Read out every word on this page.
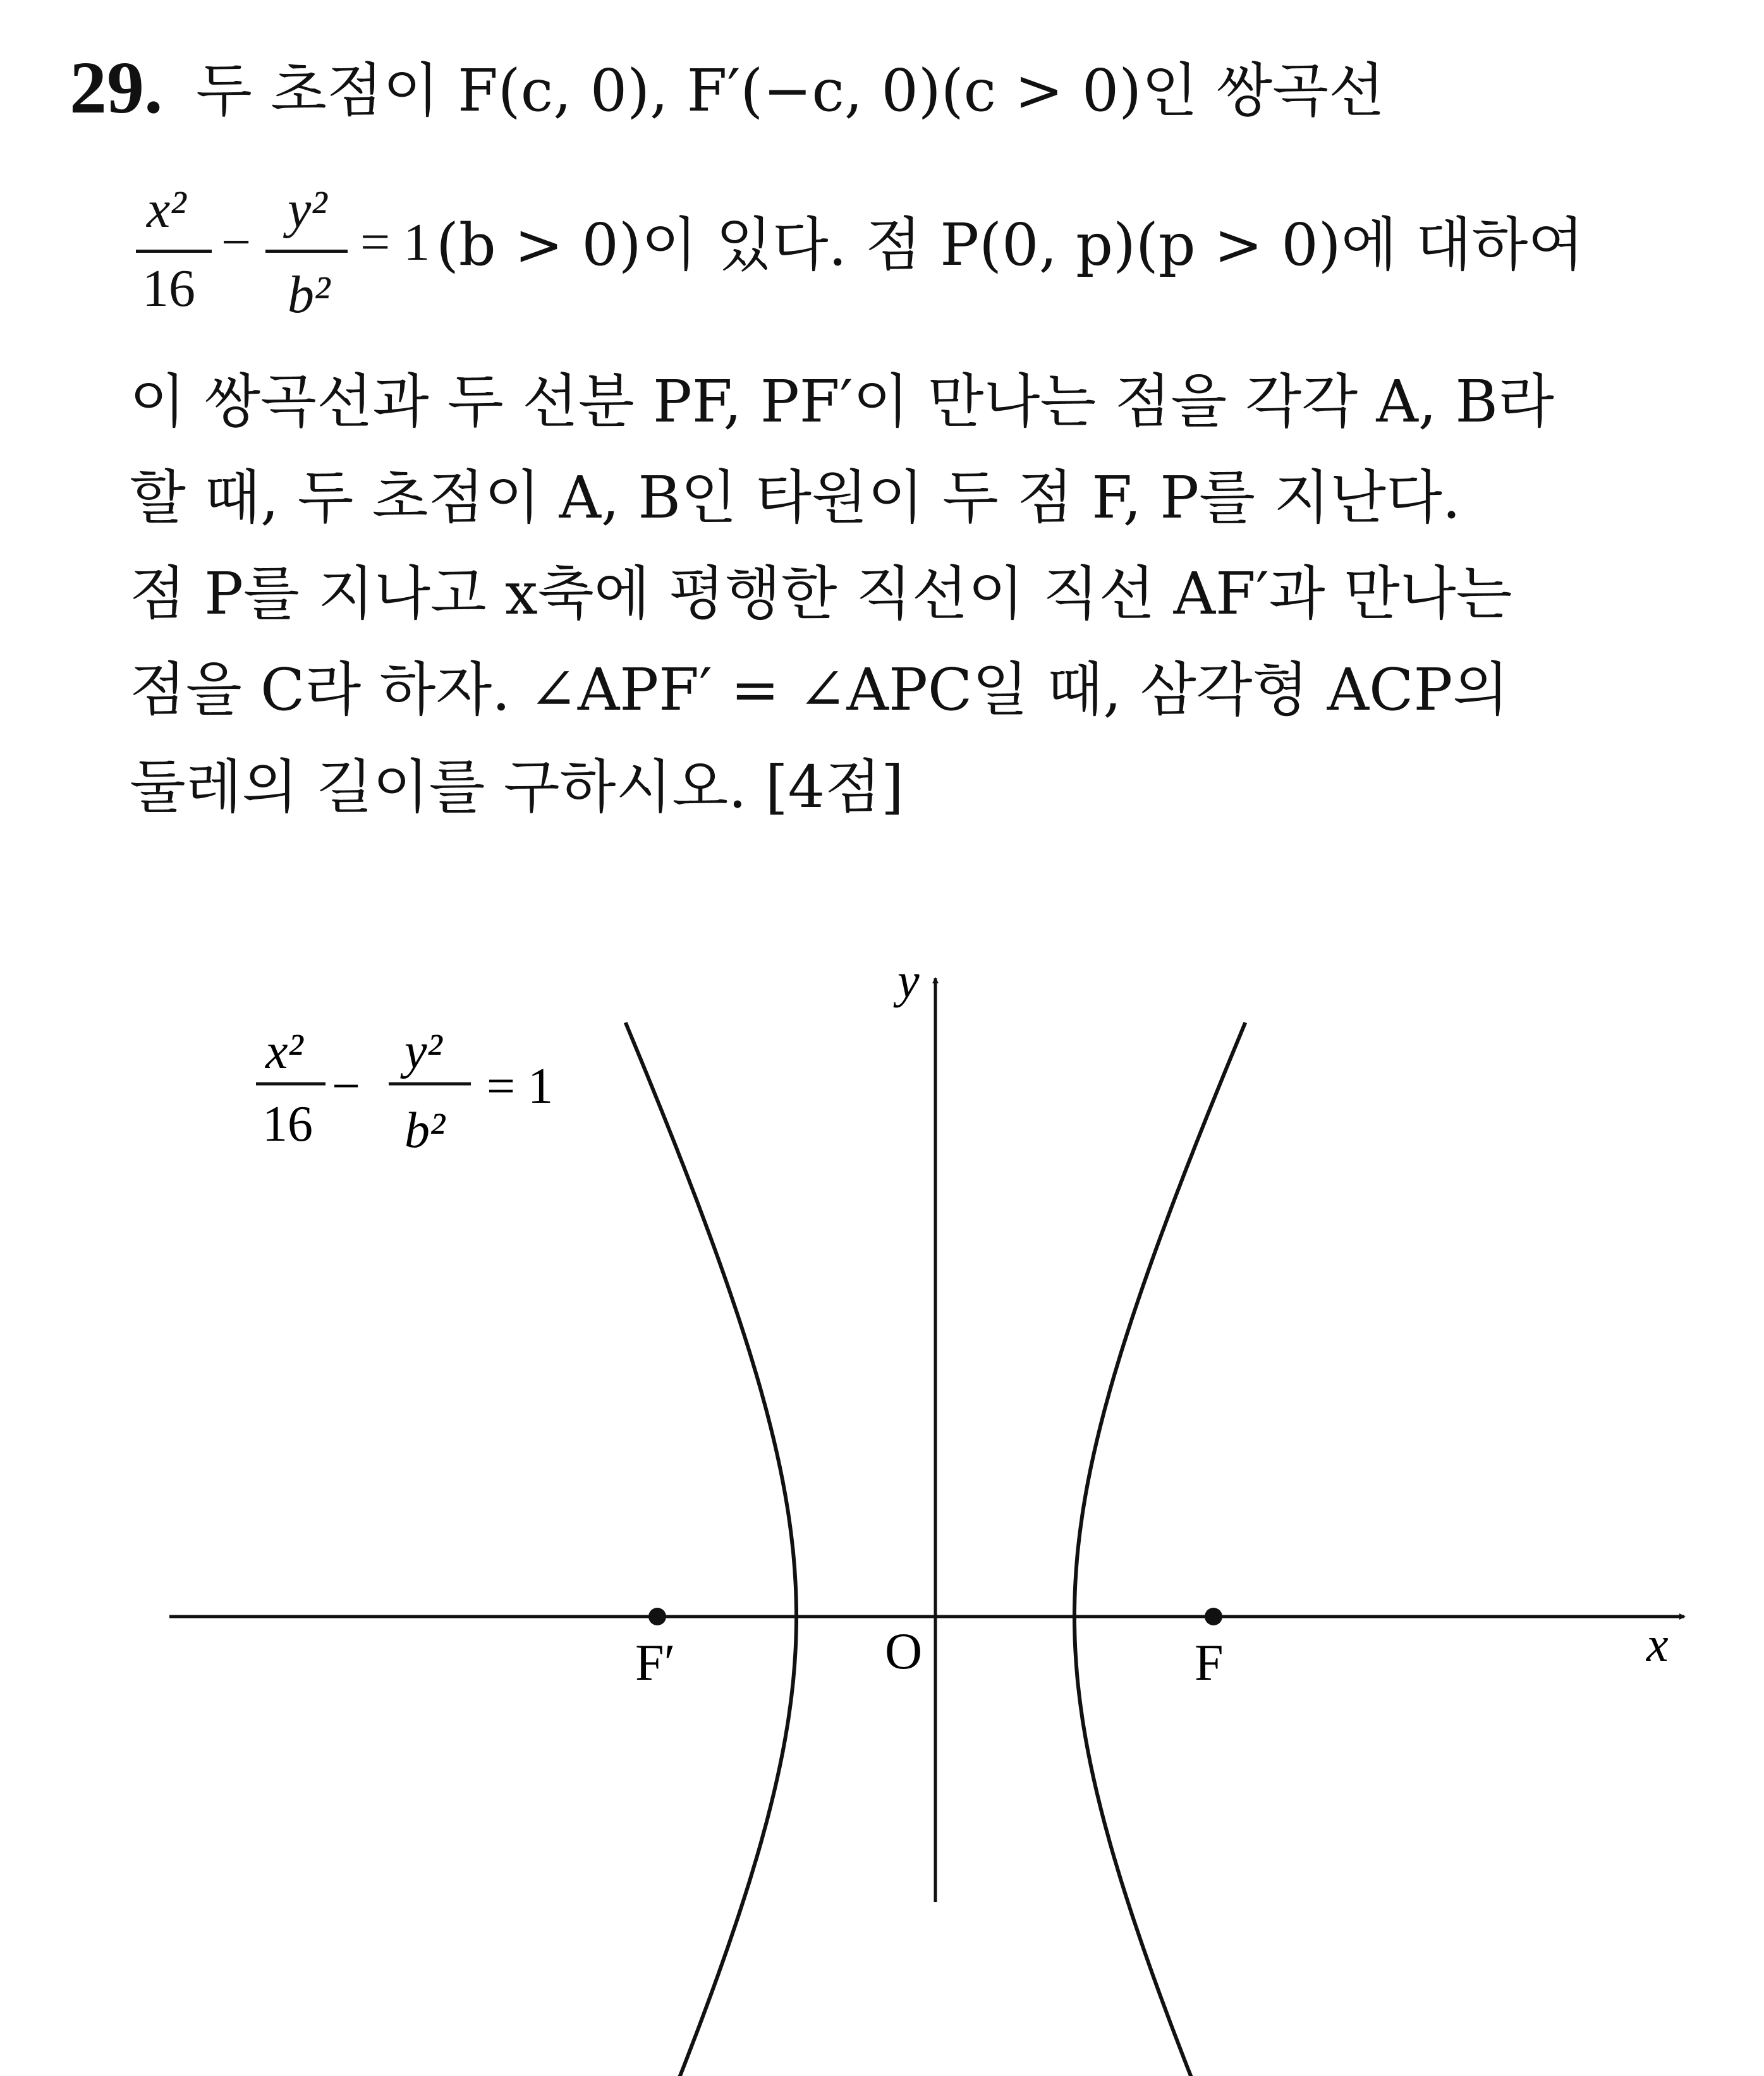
29. 두 초점이 F(c, 0), F′(−c, 0)(c > 0)인 쌍곡선
x²
16
−
y²
b²
= 1 (b > 0)이 있다. 점 P(0, p)(p > 0)에 대하여
이 쌍곡선과 두 선분 PF, PF′이 만나는 점을 각각 A, B라
할 때, 두 초점이 A, B인 타원이 두 점 F, P를 지난다.
점 P를 지나고 x축에 평행한 직선이 직선 AF′과 만나는
점을 C라 하자. ∠APF′ = ∠APC일 때, 삼각형 ACP의
둘레의 길이를 구하시오. [4점]
y
x
O
F′	F
x²
16
−
y²
b²
= 1
